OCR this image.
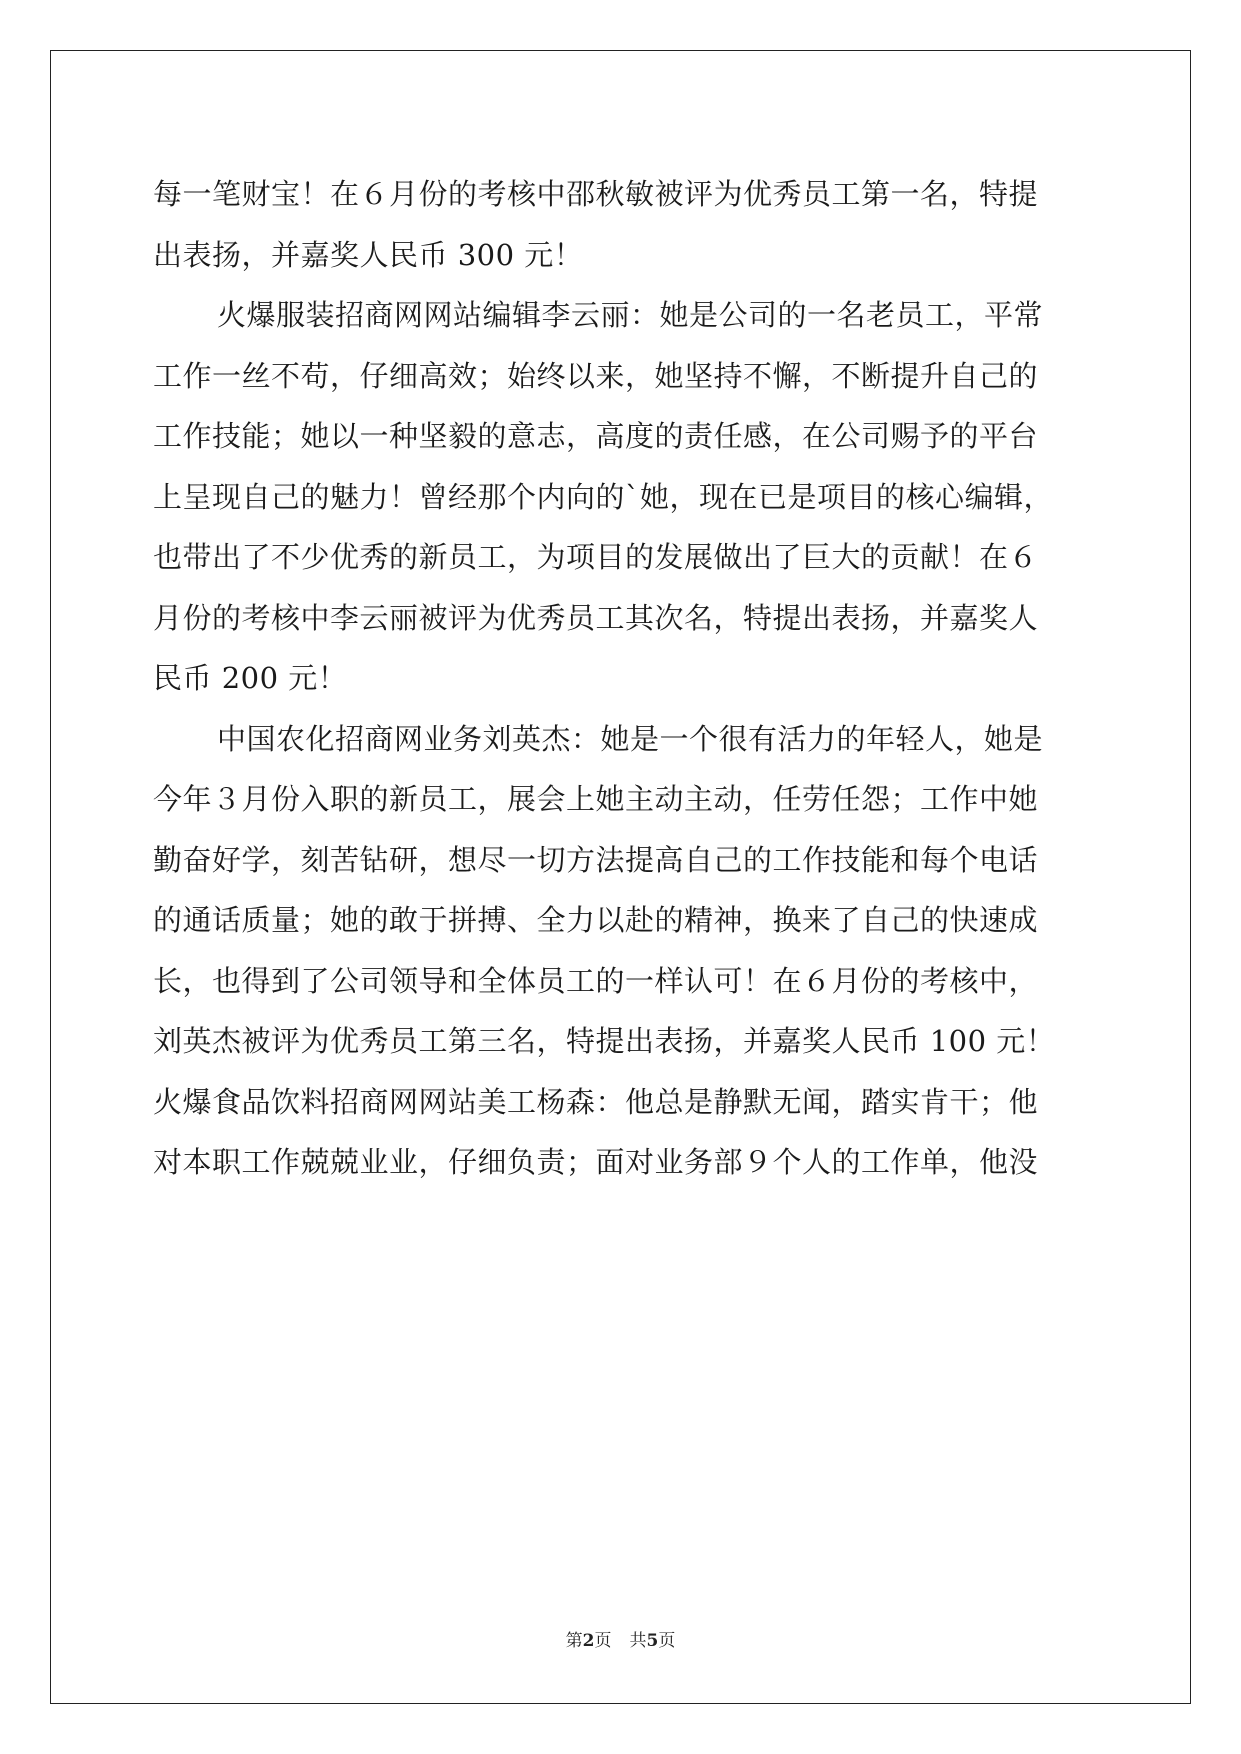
每一笔财宝！在６月份的考核中邵秋敏被评为优秀员工第一名，特提
出表扬，并嘉奖人民币 300 元！
火爆服装招商网网站编辑李云丽：她是公司的一名老员工，平常
工作一丝不苟，仔细高效；始终以来，她坚持不懈，不断提升自己的
工作技能；她以一种坚毅的意志，高度的责任感，在公司赐予的平台
上呈现自己的魅力！曾经那个内向的`她，现在已是项目的核心编辑，
也带出了不少优秀的新员工，为项目的发展做出了巨大的贡献！在６
月份的考核中李云丽被评为优秀员工其次名，特提出表扬，并嘉奖人
民币 200 元！
中国农化招商网业务刘英杰：她是一个很有活力的年轻人，她是
今年３月份入职的新员工，展会上她主动主动，任劳任怨；工作中她
勤奋好学，刻苦钻研，想尽一切方法提高自己的工作技能和每个电话
的通话质量；她的敢于拼搏、全力以赴的精神，换来了自己的快速成
长，也得到了公司领导和全体员工的一样认可！在６月份的考核中，
刘英杰被评为优秀员工第三名，特提出表扬，并嘉奖人民币 100 元！
火爆食品饮料招商网网站美工杨森：他总是静默无闻，踏实肯干；他
对本职工作兢兢业业，仔细负责；面对业务部９个人的工作单，他没
第2页 共5页
